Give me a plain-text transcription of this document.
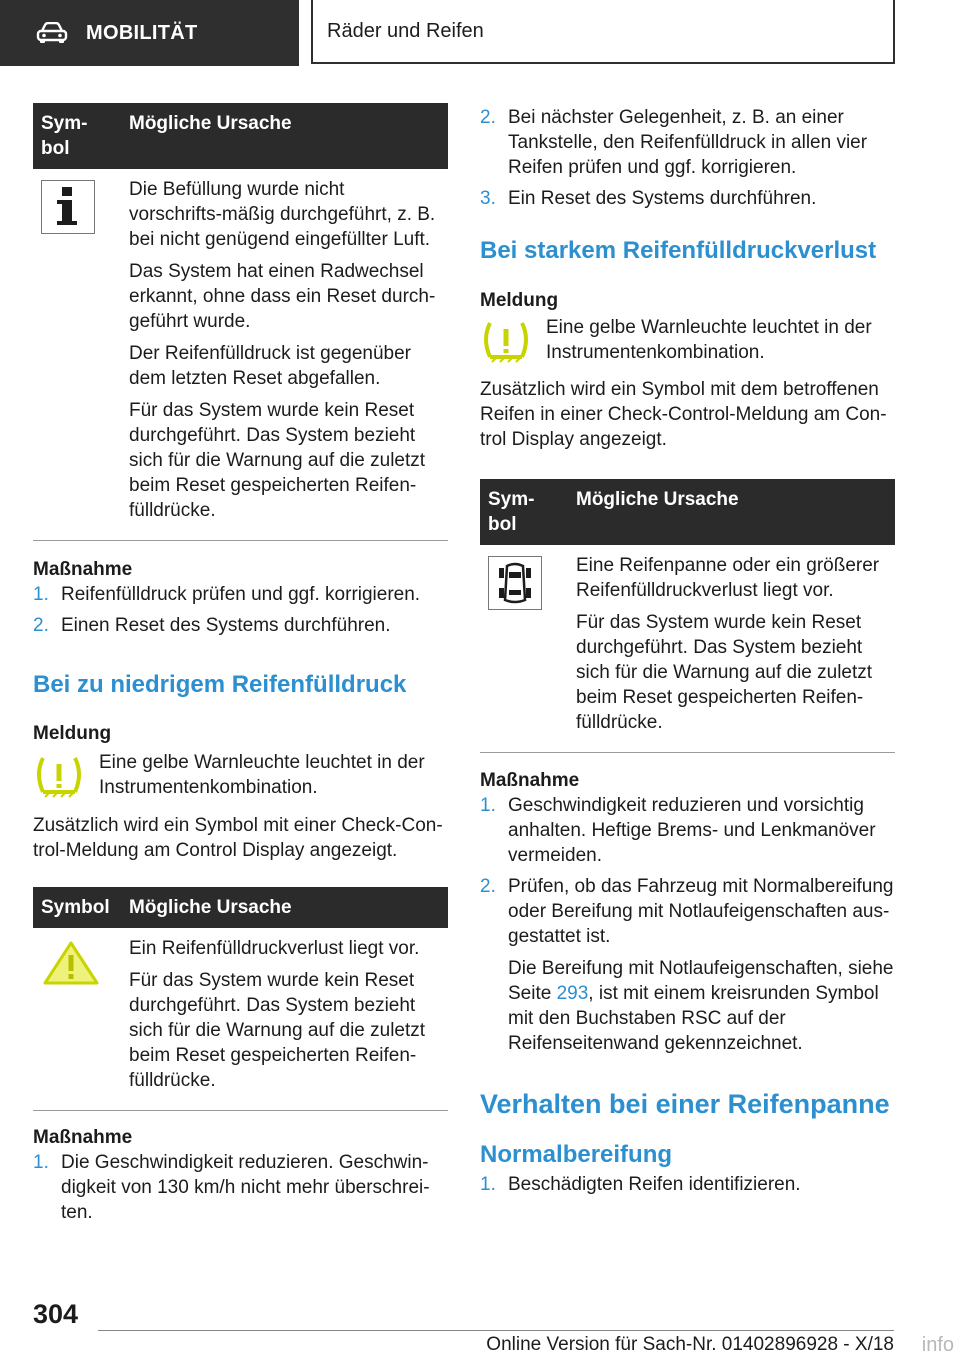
MOBILITÄT	Räder und Reifen
Sym-
bol	Mögliche Ursache

Die Befüllung wurde nicht vorschrifts-mäßig durchgeführt, z. B. bei nicht genügend eingefüllter Luft.

Das System hat einen Radwechsel erkannt, ohne dass ein Reset durch-geführt wurde.

Der Reifenfülldruck ist gegenüber dem letzten Reset abgefallen.

Für das System wurde kein Reset durchgeführt. Das System bezieht sich für die Warnung auf die zuletzt beim Reset gespeicherten Reifen-fülldrücke.

Maßnahme
1. Reifenfülldruck prüfen und ggf. korrigieren.

2. Einen Reset des Systems durchführen.

Bei zu niedrigem Reifenfülldruck
Meldung
Eine gelbe Warnleuchte leuchtet in der Instrumentenkombination.

Zusätzlich wird ein Symbol mit einer Check-Con-trol-Meldung am Control Display angezeigt.

Symbol	Mögliche Ursache

Ein Reifenfülldruckverlust liegt vor.

Für das System wurde kein Reset durchgeführt. Das System bezieht sich für die Warnung auf die zuletzt beim Reset gespeicherten Reifen-fülldrücke.

Maßnahme
1. Die Geschwindigkeit reduzieren. Geschwin-digkeit von 130 km/h nicht mehr überschrei-ten.

2. Bei nächster Gelegenheit, z. B. an einer Tankstelle, den Reifenfülldruck in allen vier Reifen prüfen und ggf. korrigieren.

3. Ein Reset des Systems durchführen.

Bei starkem Reifenfülldruckverlust
Meldung
Eine gelbe Warnleuchte leuchtet in der Instrumentenkombination.

Zusätzlich wird ein Symbol mit dem betroffenen Reifen in einer Check-Control-Meldung am Con-trol Display angezeigt.

Sym-
bol	Mögliche Ursache

Eine Reifenpanne oder ein größerer Reifenfülldruckverlust liegt vor.

Für das System wurde kein Reset durchgeführt. Das System bezieht sich für die Warnung auf die zuletzt beim Reset gespeicherten Reifen-fülldrücke.

Maßnahme
1. Geschwindigkeit reduzieren und vorsichtig anhalten. Heftige Brems- und Lenkmanöver vermeiden.

2. Prüfen, ob das Fahrzeug mit Normalbereifung oder Bereifung mit Notlaufeigenschaften aus-gestattet ist.

Die Bereifung mit Notlaufeigenschaften, siehe Seite 293, ist mit einem kreisrunden Symbol mit den Buchstaben RSC auf der Reifenseitenwand gekennzeichnet.

Verhalten bei einer Reifenpanne
Normalbereifung
1. Beschädigten Reifen identifizieren.

304
Online Version für Sach-Nr. 01402896928 - X/18 info
